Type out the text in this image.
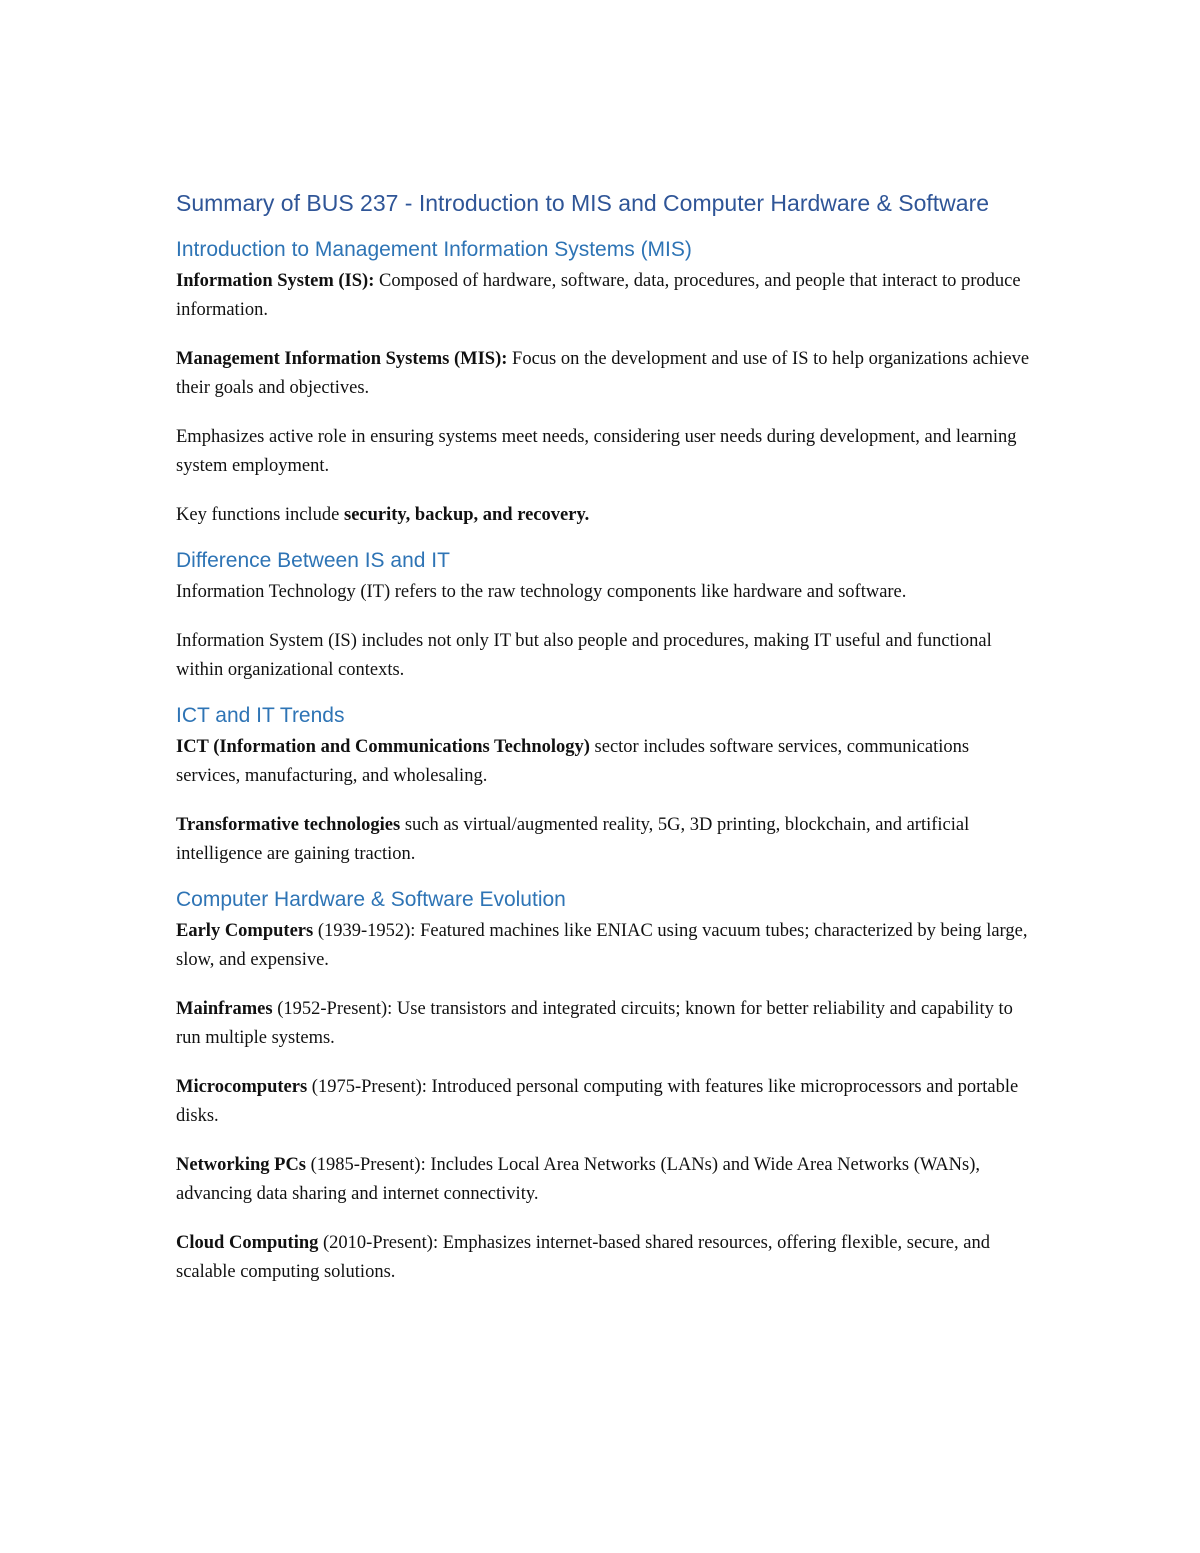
Summary of BUS 237 - Introduction to MIS and Computer Hardware & Software
Introduction to Management Information Systems (MIS)

Information System (IS): Composed of hardware, software, data, procedures, and people that interact to produce information.

Management Information Systems (MIS): Focus on the development and use of IS to help organizations achieve their goals and objectives.

Emphasizes active role in ensuring systems meet needs, considering user needs during development, and learning system employment.

Key functions include security, backup, and recovery.

Difference Between IS and IT

Information Technology (IT) refers to the raw technology components like hardware and software.

Information System (IS) includes not only IT but also people and procedures, making IT useful and functional within organizational contexts.

ICT and IT Trends

ICT (Information and Communications Technology) sector includes software services, communications services, manufacturing, and wholesaling.

Transformative technologies such as virtual/augmented reality, 5G, 3D printing, blockchain, and artificial intelligence are gaining traction.

Computer Hardware & Software Evolution

Early Computers (1939-1952): Featured machines like ENIAC using vacuum tubes; characterized by being large, slow, and expensive.

Mainframes (1952-Present): Use transistors and integrated circuits; known for better reliability and capability to run multiple systems.

Microcomputers (1975-Present): Introduced personal computing with features like microprocessors and portable disks.

Networking PCs (1985-Present): Includes Local Area Networks (LANs) and Wide Area Networks (WANs), advancing data sharing and internet connectivity.

Cloud Computing (2010-Present): Emphasizes internet-based shared resources, offering flexible, secure, and scalable computing solutions.
